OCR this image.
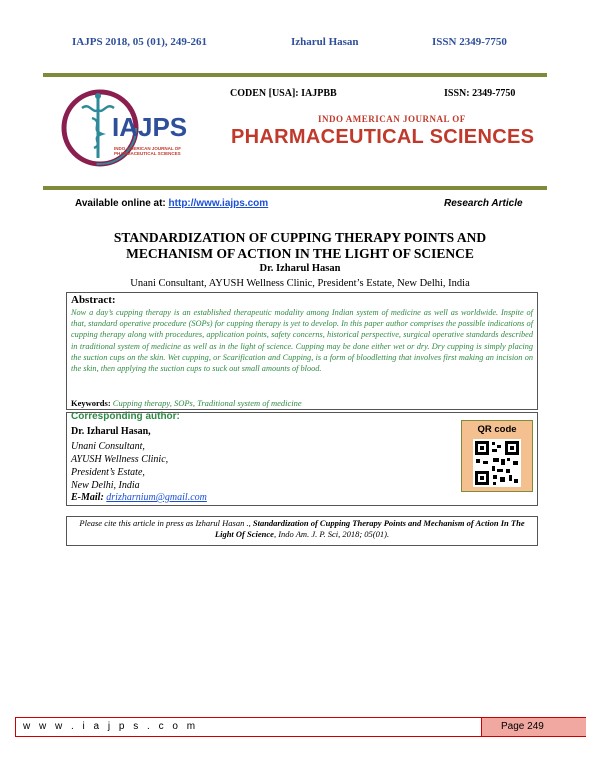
IAJPS 2018, 05 (01), 249-261	Izharul Hasan	ISSN 2349-7750
IAJPS
INDO AMERICAN JOURNAL OF PHARMACEUTICAL SCIENCES
CODEN [USA]: IAJPBB	ISSN: 2349-7750
INDO AMERICAN JOURNAL OF
PHARMACEUTICAL SCIENCES
Available online at: http://www.iajps.com	Research Article
STANDARDIZATION OF CUPPING THERAPY POINTS AND
MECHANISM OF ACTION IN THE LIGHT OF SCIENCE
Dr. Izharul Hasan
Unani Consultant, AYUSH Wellness Clinic, President’s Estate, New Delhi, India
Abstract:
Now a day’s cupping therapy is an established therapeutic modality among Indian system of medicine as well as worldwide. Inspite of that, standard operative procedure (SOPs) for cupping therapy is yet to develop. In this paper author comprises the possible indications of cupping therapy along with procedures, application points, safety concerns, historical perspective, surgical operative standards described in traditional system of medicine as well as in the light of science. Cupping may be done either wet or dry. Dry cupping is simply placing the suction cups on the skin. Wet cupping, or Scarification and Cupping, is a form of bloodletting that involves first making an incision on the skin, then applying the suction cups to suck out small amounts of blood.
Keywords: Cupping therapy, SOPs, Traditional system of medicine
Corresponding author:
Dr. Izharul Hasan,
Unani Consultant,
AYUSH Wellness Clinic,
President’s Estate,
New Delhi, India
E-Mail: drizharnium@gmail.com
QR code
Please cite this article in press as Izharul Hasan ., Standardization of Cupping Therapy Points and Mechanism of Action In The Light Of Science, Indo Am. J. P. Sci, 2018; 05(01).
w w w . i a j p s . c o m	Page 249
